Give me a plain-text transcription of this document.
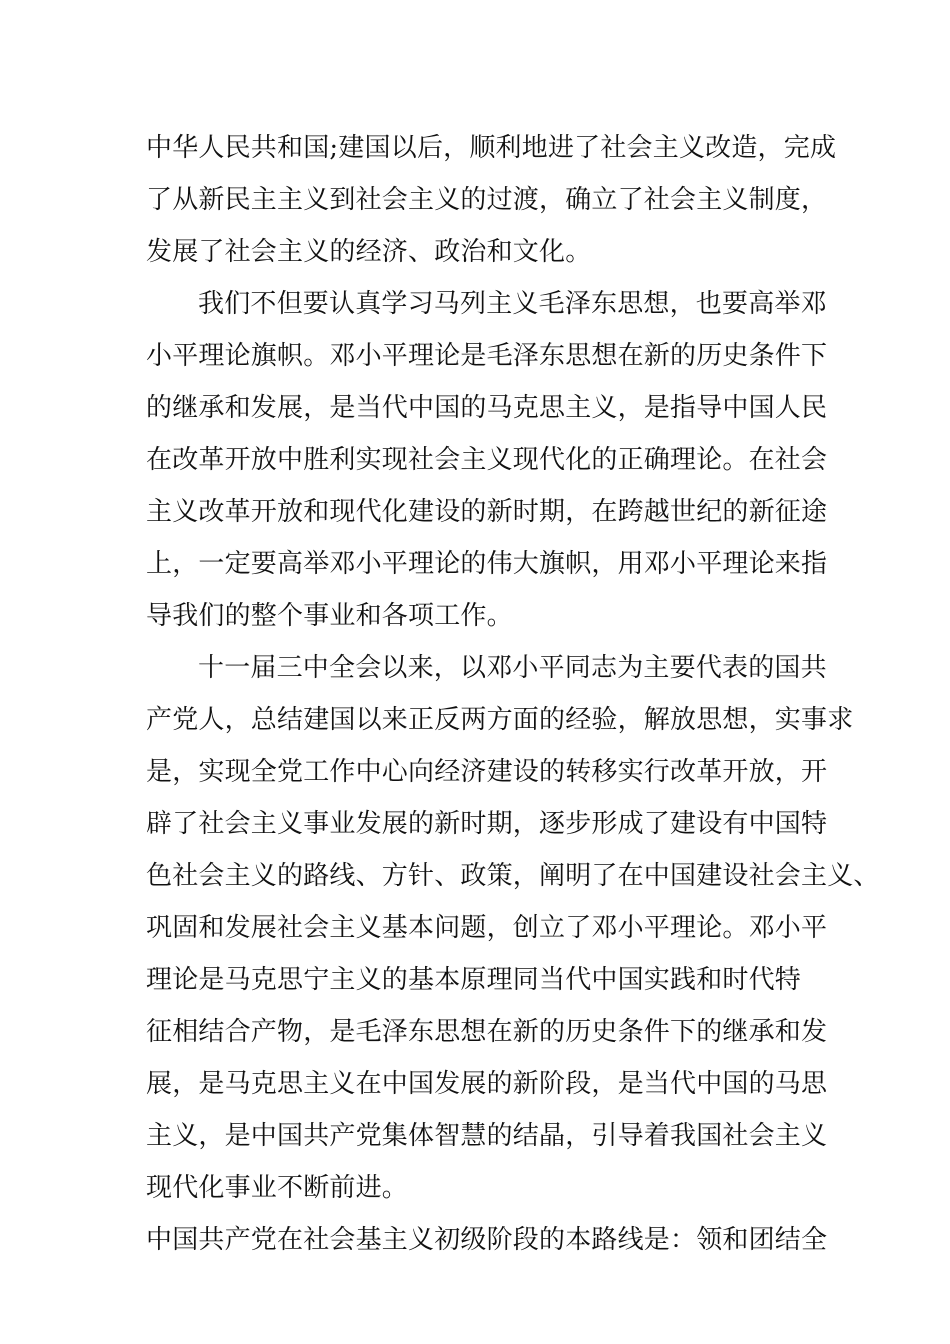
中华人民共和国;建国以后，顺利地进了社会主义改造，完成
了从新民主主义到社会主义的过渡，确立了社会主义制度，
发展了社会主义的经济、政治和文化。
我们不但要认真学习马列主义毛泽东思想，也要高举邓
小平理论旗帜。邓小平理论是毛泽东思想在新的历史条件下
的继承和发展，是当代中国的马克思主义，是指导中国人民
在改革开放中胜利实现社会主义现代化的正确理论。在社会
主义改革开放和现代化建设的新时期，在跨越世纪的新征途
上，一定要高举邓小平理论的伟大旗帜，用邓小平理论来指
导我们的整个事业和各项工作。
十一届三中全会以来，以邓小平同志为主要代表的国共
产党人，总结建国以来正反两方面的经验，解放思想，实事求
是，实现全党工作中心向经济建设的转移实行改革开放，开
辟了社会主义事业发展的新时期，逐步形成了建设有中国特
色社会主义的路线、方针、政策，阐明了在中国建设社会主义、
巩固和发展社会主义基本问题，创立了邓小平理论。邓小平
理论是马克思宁主义的基本原理同当代中国实践和时代特
征相结合产物，是毛泽东思想在新的历史条件下的继承和发
展，是马克思主义在中国发展的新阶段，是当代中国的马思
主义，是中国共产党集体智慧的结晶，引导着我国社会主义
现代化事业不断前进。
中国共产党在社会基主义初级阶段的本路线是：领和团结全
